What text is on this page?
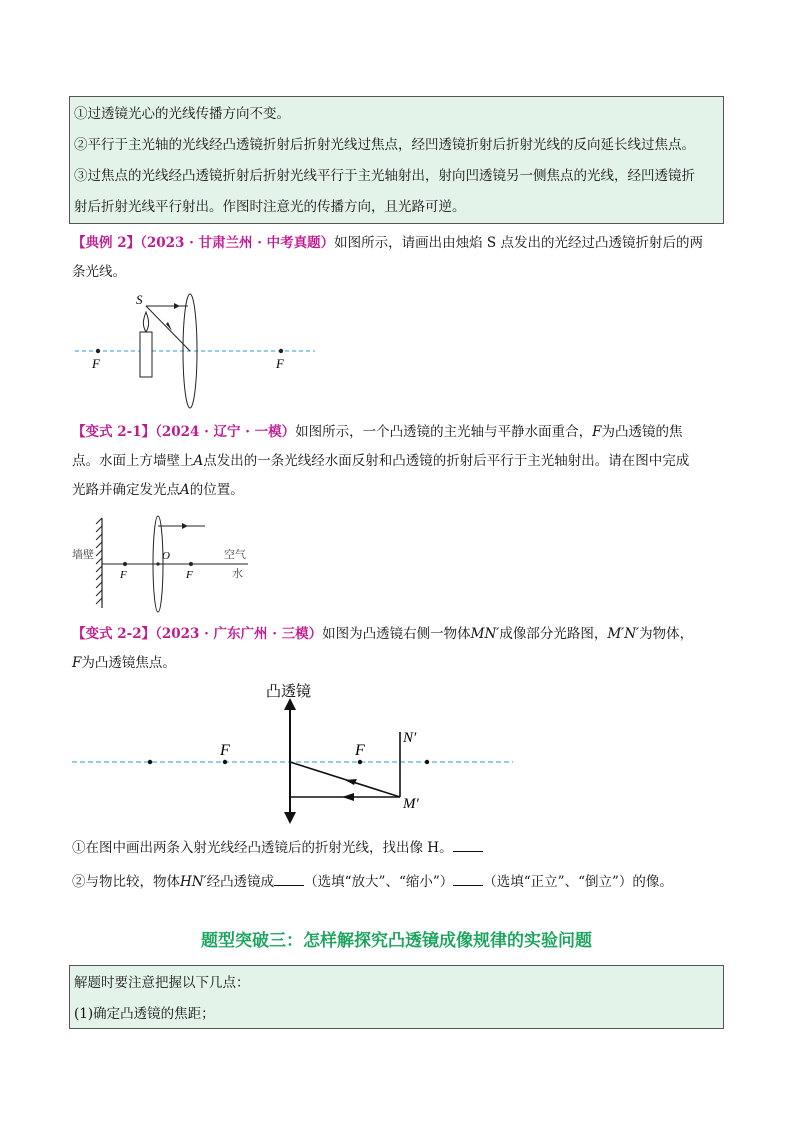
①过透镜光心的光线传播方向不变。

②平行于主光轴的光线经凸透镜折射后折射光线过焦点，经凹透镜折射后折射光线的反向延长线过焦点。

③过焦点的光线经凸透镜折射后折射光线平行于主光轴射出，射向凹透镜另一侧焦点的光线，经凹透镜折

射后折射光线平行射出。作图时注意光的传播方向，且光路可逆。

【典例 2】（2023 · 甘肃兰州 · 中考真题）如图所示，请画出由烛焰 S 点发出的光经过凸透镜折射后的两
条光线。

S
F	F

【变式 2-1】（2024 · 辽宁 · 一模）如图所示，一个凸透镜的主光轴与平静水面重合，F为凸透镜的焦
点。水面上方墙壁上A点发出的一条光线经水面反射和凸透镜的折射后平行于主光轴射出。请在图中完成
光路并确定发光点A的位置。

墙壁	空气
水
O
F	F

【变式 2-2】（2023 · 广东广州 · 三模）如图为凸透镜右侧一物体MN′成像部分光路图，M′N′为物体，
F为凸透镜焦点。

凸透镜
F	F
N′
M′

①在图中画出两条入射光线经凸透镜后的折射光线，找出像 H。
②与物比较，物体HN′经凸透镜成 （选填“放大”、“缩小”） （选填“正立”、“倒立”）的像。

题型突破三：怎样解探究凸透镜成像规律的实验问题

解题时要注意把握以下几点：

(1)确定凸透镜的焦距；
